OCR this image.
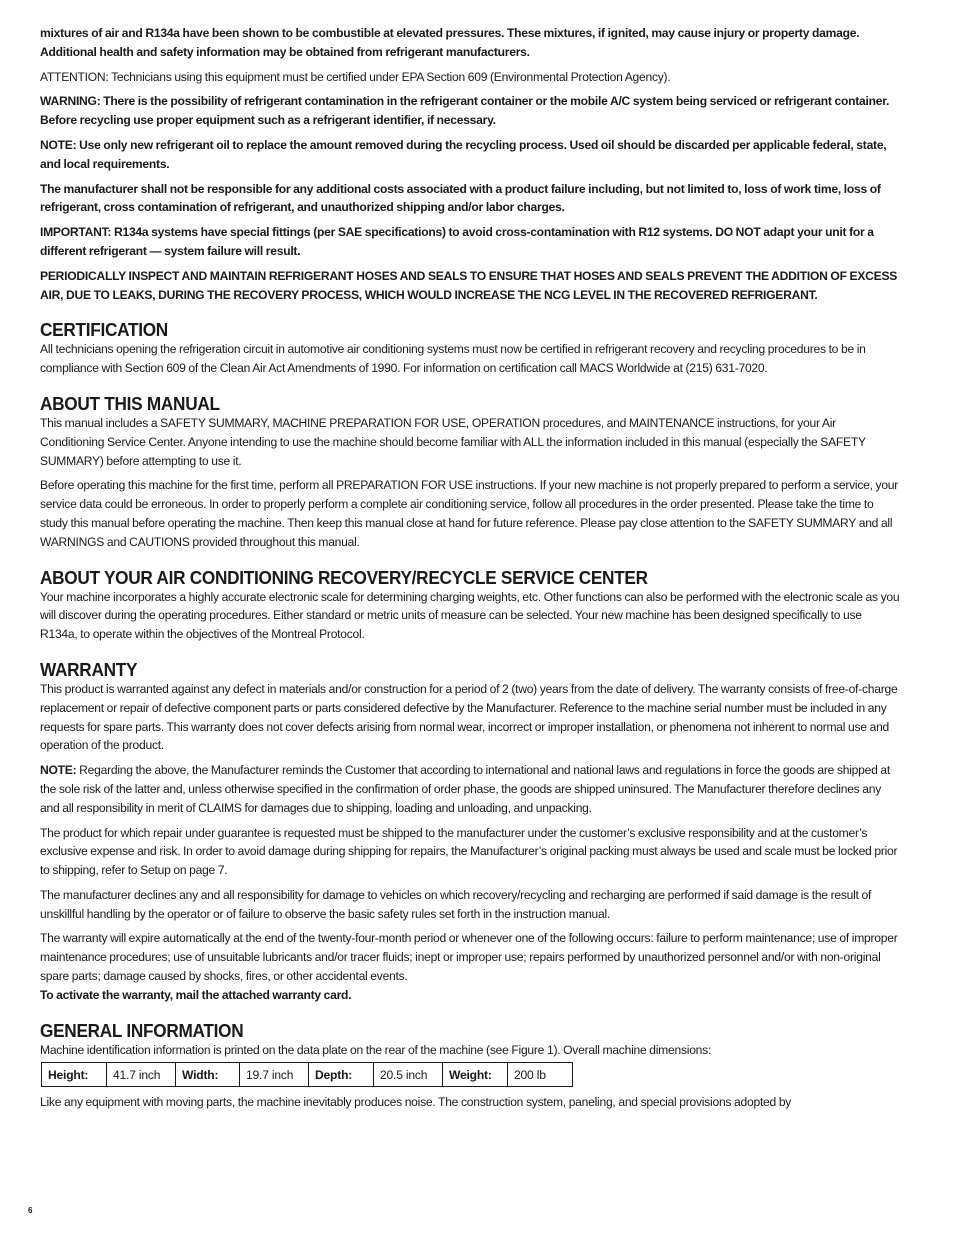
mixtures of air and R134a have been shown to be combustible at elevated pressures. These mixtures, if ignited, may cause injury or property damage. Additional health and safety information may be obtained from refrigerant manufacturers.

ATTENTION: Technicians using this equipment must be certified under EPA Section 609 (Environmental Protection Agency).

WARNING: There is the possibility of refrigerant contamination in the refrigerant container or the mobile A/C system being serviced or refrigerant container. Before recycling use proper equipment such as a refrigerant identifier, if necessary.

NOTE: Use only new refrigerant oil to replace the amount removed during the recycling process. Used oil should be discarded per applicable federal, state, and local requirements.

The manufacturer shall not be responsible for any additional costs associated with a product failure including, but not limited to, loss of work time, loss of refrigerant, cross contamination of refrigerant, and unauthorized shipping and/or labor charges.

IMPORTANT: R134a systems have special fittings (per SAE specifications) to avoid cross-contamination with R12 systems. DO NOT adapt your unit for a different refrigerant — system failure will result.

PERIODICALLY INSPECT AND MAINTAIN REFRIGERANT HOSES AND SEALS TO ENSURE THAT HOSES AND SEALS PREVENT THE ADDITION OF EXCESS AIR, DUE TO LEAKS, DURING THE RECOVERY PROCESS, WHICH WOULD INCREASE THE NCG LEVEL IN THE RECOVERED REFRIGERANT.

CERTIFICATION

All technicians opening the refrigeration circuit in automotive air conditioning systems must now be certified in refrigerant recovery and recycling procedures to be in compliance with Section 609 of the Clean Air Act Amendments of 1990. For information on certification call MACS Worldwide at (215) 631-7020.

ABOUT THIS MANUAL

This manual includes a SAFETY SUMMARY, MACHINE PREPARATION FOR USE, OPERATION procedures, and MAINTENANCE instructions, for your Air Conditioning Service Center. Anyone intending to use the machine should become familiar with ALL the information included in this manual (especially the SAFETY SUMMARY) before attempting to use it.

Before operating this machine for the first time, perform all PREPARATION FOR USE instructions. If your new machine is not properly prepared to perform a service, your service data could be erroneous. In order to properly perform a complete air conditioning service, follow all procedures in the order presented. Please take the time to study this manual before operating the machine. Then keep this manual close at hand for future reference. Please pay close attention to the SAFETY SUMMARY and all WARNINGS and CAUTIONS provided throughout this manual.

ABOUT YOUR AIR CONDITIONING RECOVERY/RECYCLE SERVICE CENTER

Your machine incorporates a highly accurate electronic scale for determining charging weights, etc. Other functions can also be performed with the electronic scale as you will discover during the operating procedures. Either standard or metric units of measure can be selected. Your new machine has been designed specifically to use R134a, to operate within the objectives of the Montreal Protocol.

WARRANTY

This product is warranted against any defect in materials and/or construction for a period of 2 (two) years from the date of delivery. The warranty consists of free-of-charge replacement or repair of defective component parts or parts considered defective by the Manufacturer. Reference to the machine serial number must be included in any requests for spare parts. This warranty does not cover defects arising from normal wear, incorrect or improper installation, or phenomena not inherent to normal use and operation of the product.

NOTE: Regarding the above, the Manufacturer reminds the Customer that according to international and national laws and regulations in force the goods are shipped at the sole risk of the latter and, unless otherwise specified in the confirmation of order phase, the goods are shipped uninsured. The Manufacturer therefore declines any and all responsibility in merit of CLAIMS for damages due to shipping, loading and unloading, and unpacking.

The product for which repair under guarantee is requested must be shipped to the manufacturer under the customer’s exclusive responsibility and at the customer’s exclusive expense and risk. In order to avoid damage during shipping for repairs, the Manufacturer’s original packing must always be used and scale must be locked prior to shipping, refer to Setup on page 7.

The manufacturer declines any and all responsibility for damage to vehicles on which recovery/recycling and recharging are performed if said damage is the result of unskillful handling by the operator or of failure to observe the basic safety rules set forth in the instruction manual.

The warranty will expire automatically at the end of the twenty-four-month period or whenever one of the following occurs: failure to perform maintenance; use of improper maintenance procedures; use of unsuitable lubricants and/or tracer fluids; inept or improper use; repairs performed by unauthorized personnel and/or with non-original spare parts; damage caused by shocks, fires, or other accidental events.

To activate the warranty, mail the attached warranty card.

GENERAL INFORMATION

Machine identification information is printed on the data plate on the rear of the machine (see Figure 1). Overall machine dimensions:

Height:	41.7 inch	Width:	19.7 inch	Depth:	20.5 inch	Weight:	200 lb

Like any equipment with moving parts, the machine inevitably produces noise. The construction system, paneling, and special provisions adopted by

6
